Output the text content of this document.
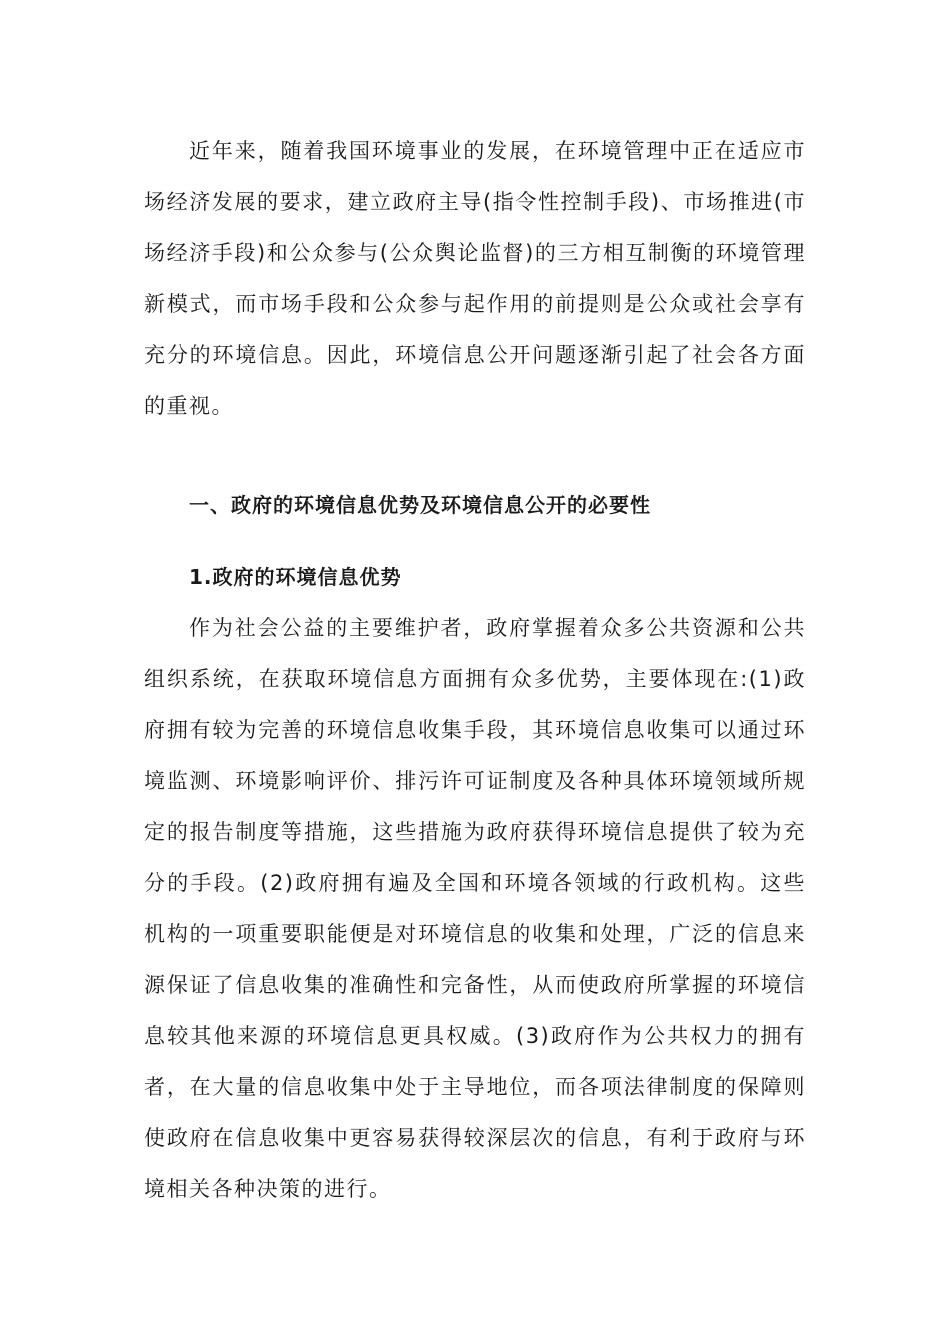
近年来，随着我国环境事业的发展，在环境管理中正在适应市场经济发展的要求，建立政府主导(指令性控制手段)、市场推进(市场经济手段)和公众参与(公众舆论监督)的三方相互制衡的环境管理新模式，而市场手段和公众参与起作用的前提则是公众或社会享有充分的环境信息。因此，环境信息公开问题逐渐引起了社会各方面的重视。

一、政府的环境信息优势及环境信息公开的必要性

1.政府的环境信息优势

作为社会公益的主要维护者，政府掌握着众多公共资源和公共组织系统，在获取环境信息方面拥有众多优势，主要体现在:(1)政府拥有较为完善的环境信息收集手段，其环境信息收集可以通过环境监测、环境影响评价、排污许可证制度及各种具体环境领域所规定的报告制度等措施，这些措施为政府获得环境信息提供了较为充分的手段。(2)政府拥有遍及全国和环境各领域的行政机构。这些机构的一项重要职能便是对环境信息的收集和处理，广泛的信息来源保证了信息收集的准确性和完备性，从而使政府所掌握的环境信息较其他来源的环境信息更具权威。(3)政府作为公共权力的拥有者，在大量的信息收集中处于主导地位，而各项法律制度的保障则使政府在信息收集中更容易获得较深层次的信息，有利于政府与环境相关各种决策的进行。
